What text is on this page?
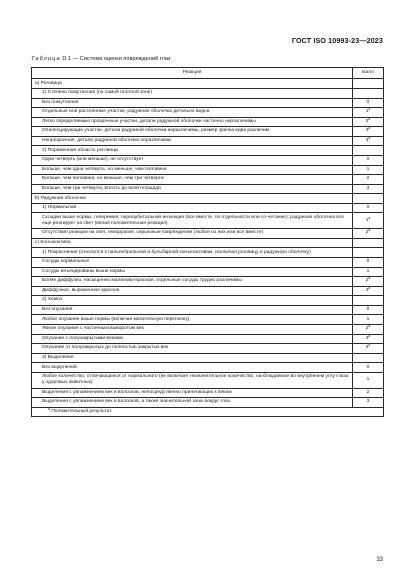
ГОСТ ISO 10993-23—2023
Таблица D.1 — Система оценки повреждений глаз
Реакция	Балл
a) Роговица	
1) Степень помутнения (по самой плотной зоне)	
Без помутнения	0
Отдельные или рассеянные участки, радужная оболочка детально видна	1$^a$
Легко определяемые прозрачные участки, детали радужной оболочки частично неразличимы	2$^a$
Опалесцирующие участки, детали радужной оболочки неразличимы, размер зрачка едва различим	3$^a$
Непрозрачная, детали радужной оболочки неразличимы	4$^a$
2) Пораженная область роговицы	
Одна четверть (или меньше), не отсутствует	0
Больше, чем одна четверть, но меньше, чем половина	1
Больше, чем половина, но меньше, чем три четверти	2
Больше, чем три четверти, вплоть до всей площади	3
b) Радужная оболочка	
1) Нормальная	0
Складки выше нормы, гиперемия, периорбитальная инъекция (все вместе, по отдельности или со-четание); радужная оболочка все еще реагирует на свет (вялая положительная реакция)	1$^a$
Отсутствие реакции на свет, геморрагия, серьезные повреждения (любое из них или все вместе)	2$^a$
c) Конъюнктива	
1) Покраснение (относится к пальпебральной и бульбарной конъюнктивам, исключая роговицу и радужную оболочку)	
Сосуды нормальные	0
Сосуды инъецированы выше нормы	1
Более диффузно, насыщенно малиново-красная, отдельные сосуды трудно различимы	2$^a$
Диффузное, выраженное красное	3$^a$
2) Хемоз	
Без опухания	0
Любое опухание выше нормы (включая мигательную перепонку)	1
Явное опухание с частичным выворотом век	2$^a$
Опухание с полузакрытыми веками	3$^a$
Опухание от полузакрытых до полностью закрытых век	4$^a$
3) Выделения	
Без выделений	0
Любое количество, отличающееся от нормального (не включает незначительное количество, на-блюдаемое во внутреннем углу глаза у здоровых животных)	1
Выделения с увлажнением век и волосков, непосредственно прилегающих к векам	2
Выделения с увлажнением век и волосков, а также значительной зоны вокруг глаз	3
$^a$ Положительный результат.	
33
